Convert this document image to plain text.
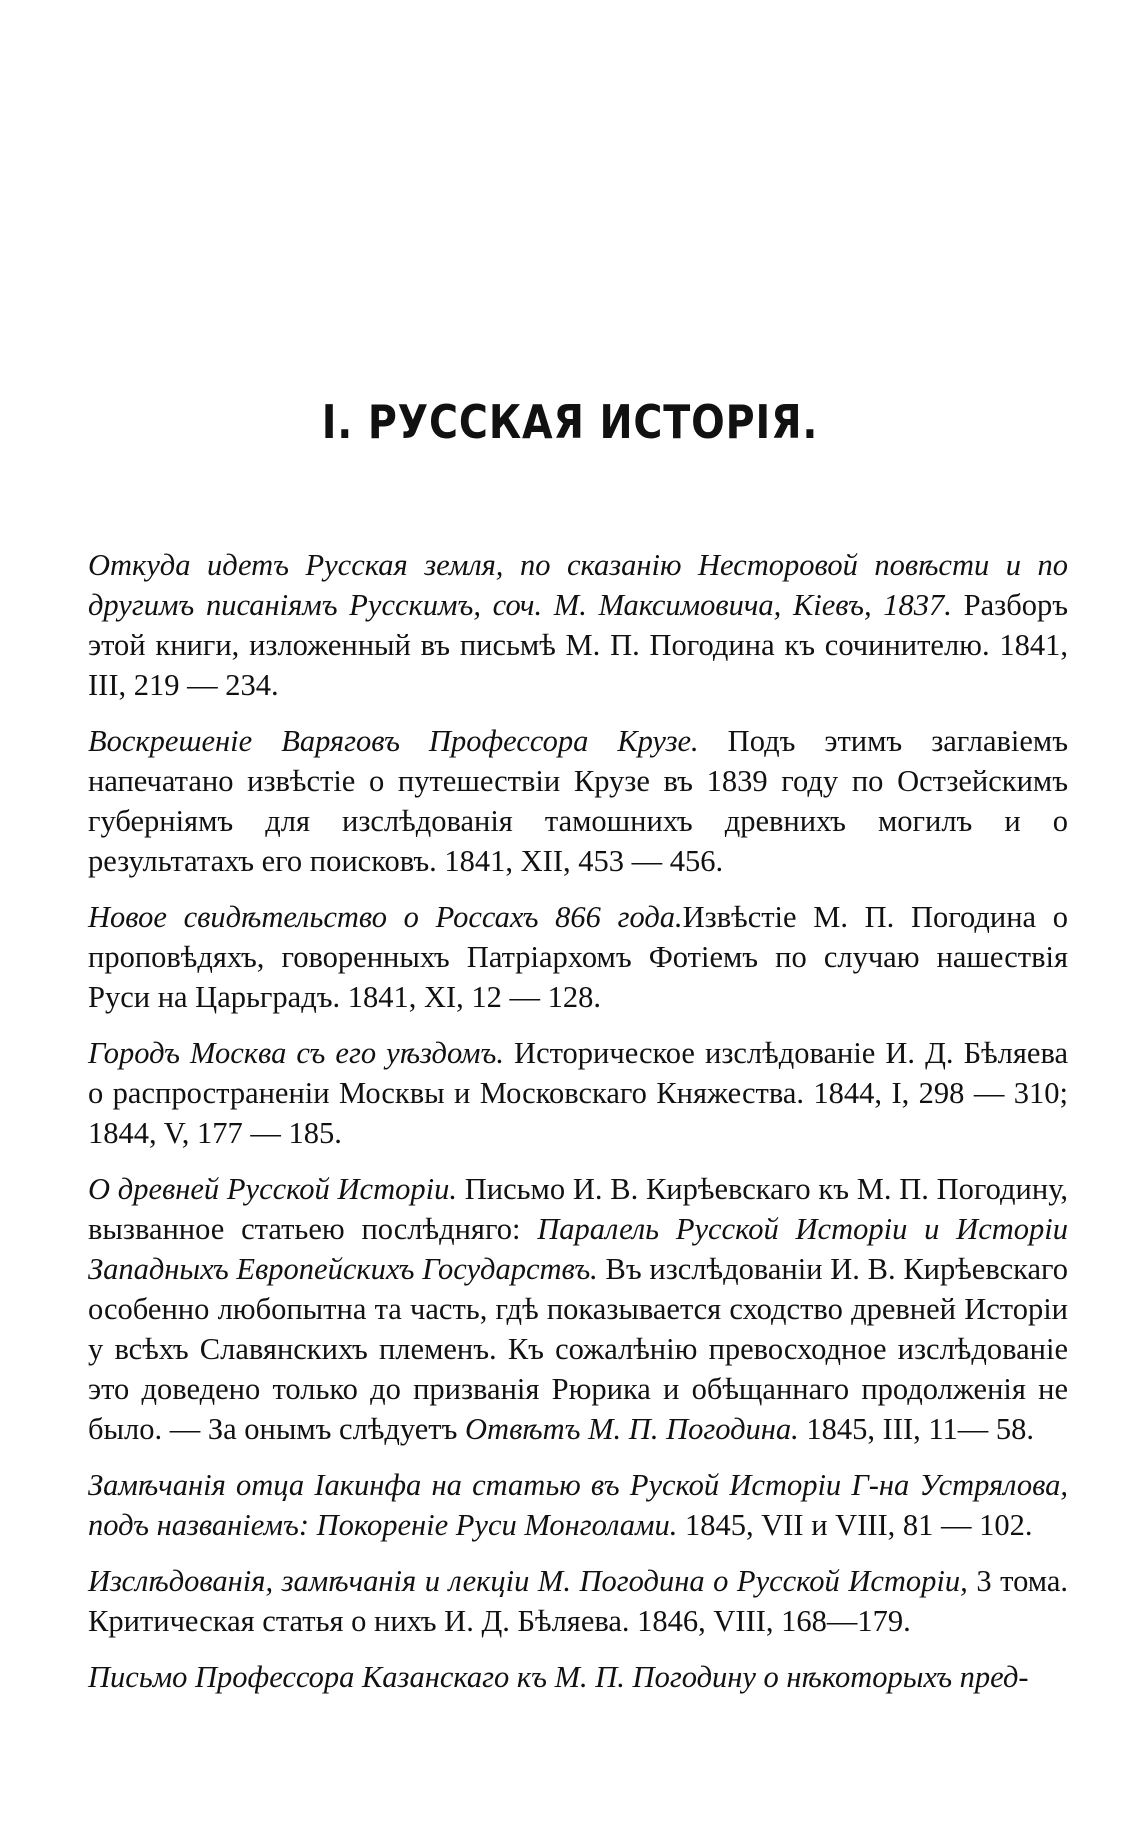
I. РУССКАЯ ИСТОРІЯ.

Откуда идетъ Русская земля, по сказанію Несторовой повѣсти и по другимъ писаніямъ Русскимъ, соч. М. Максимовича, Кіевъ, 1837. Разборъ этой книги, изложенный въ письмѣ М. П. Погодина къ сочинителю. 1841, III, 219 — 234.

Воскрешеніе Варяговъ Профессора Крузе. Подъ этимъ заглавіемъ напечатано извѣстіе о путешествіи Крузе въ 1839 году по Остзейскимъ губерніямъ для изслѣдованія тамошнихъ древнихъ могилъ и о результатахъ его поисковъ. 1841, XII, 453 — 456.

Новое свидѣтельство о Россахъ 866 года.Извѣстіе М. П. Погодина о проповѣдяхъ, говоренныхъ Патріархомъ Фотіемъ по случаю нашествія Руси на Царьградъ. 1841, XI, 12 — 128.

Городъ Москва съ его уѣздомъ. Историческое изслѣдованіе И. Д. Бѣляева о распространеніи Москвы и Московскаго Княжества. 1844, I, 298 — 310; 1844, V, 177 — 185.

О древней Русской Исторіи. Письмо И. В. Кирѣевскаго къ М. П. Погодину, вызванное статьею послѣдняго: Паралель Русской Исторіи и Исторіи Западныхъ Европейскихъ Государствъ. Въ изслѣдованіи И. В. Кирѣевскаго особенно любопытна та часть, гдѣ показывается сходство древней Исторіи у всѣхъ Славянскихъ племенъ. Къ сожалѣнію превосходное изслѣдованіе это доведено только до призванія Рюрика и обѣщаннаго продолженія не было. — За онымъ слѣдуетъ Отвѣтъ М. П. Погодина. 1845, III, 11— 58.

Замѣчанія отца Іакинфа на статью въ Руской Исторіи Г-на Устрялова, подъ названіемъ: Покореніе Руси Монголами. 1845, VII и VIII, 81 — 102.

Изслѣдованія, замѣчанія и лекціи М. Погодина о Русской Исторіи, 3 тома. Критическая статья о нихъ И. Д. Бѣляева. 1846, VIII, 168—179.

Письмо Профессора Казанскаго къ М. П. Погодину о нѣкоторыхъ пред-
